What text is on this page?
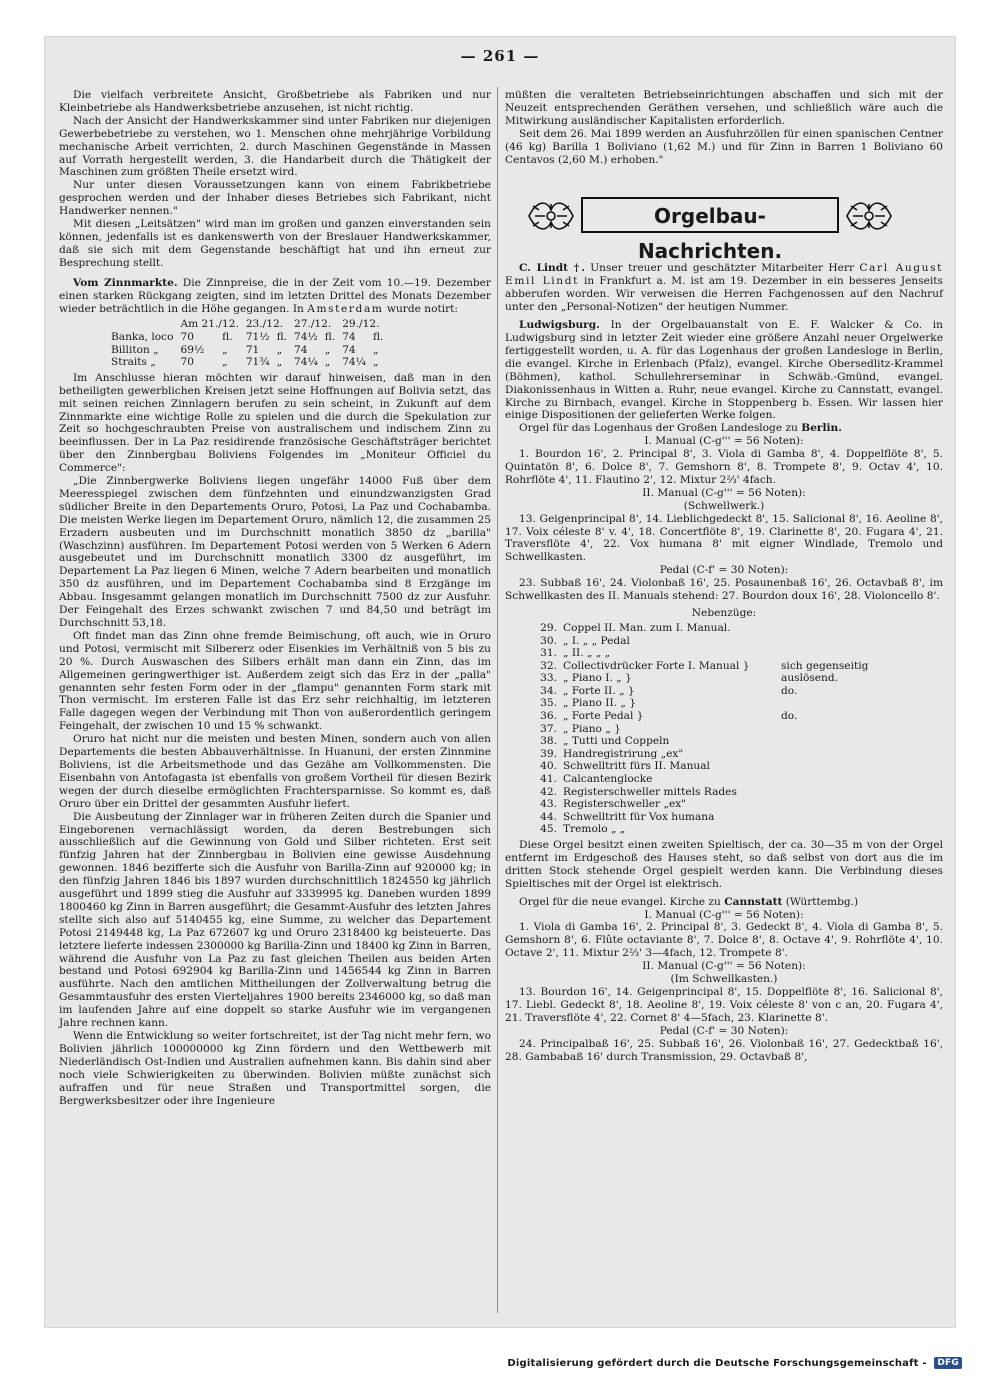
— 261 —

Die vielfach verbreitete Ansicht, Großbetriebe als Fabriken und nur Kleinbetriebe als Handwerksbetriebe anzusehen, ist nicht richtig.

Nach der Ansicht der Handwerkskammer sind unter Fabriken nur diejenigen Gewerbebetriebe zu verstehen, wo 1. Menschen ohne mehrjährige Vorbildung mechanische Arbeit verrichten, 2. durch Maschinen Gegenstände in Massen auf Vorrath hergestellt werden, 3. die Handarbeit durch die Thätigkeit der Maschinen zum größten Theile ersetzt wird.

Nur unter diesen Voraussetzungen kann von einem Fabrikbetriebe gesprochen werden und der Inhaber dieses Betriebes sich Fabrikant, nicht Handwerker nennen."

Mit diesen „Leitsätzen" wird man im großen und ganzen einverstanden sein können, jedenfalls ist es dankenswerth von der Breslauer Handwerkskammer, daß sie sich mit dem Gegenstande beschäftigt hat und ihn erneut zur Besprechung stellt.

Vom Zinnmarkte. Die Zinnpreise, die in der Zeit vom 10.—19. Dezember einen starken Rückgang zeigten, sind im letzten Drittel des Monats Dezember wieder beträchtlich in die Höhe gegangen. In Amsterdam wurde notirt:

	Am 21./12.		23./12.		27./12.		29./12.	
Banka, loco	70	fl.	71½	fl.	74½	fl.	74	fl.
Billiton „	69½	„	71	„	74	„	74	„
Straits „	70	„	71¾	„	74¼	„	74¼	„

Im Anschlusse hieran möchten wir darauf hinweisen, daß man in den betheiligten gewerblichen Kreisen jetzt seine Hoffnungen auf Bolivia setzt, das mit seinen reichen Zinnlagern berufen zu sein scheint, in Zukunft auf dem Zinnmarkte eine wichtige Rolle zu spielen und die durch die Spekulation zur Zeit so hochgeschraubten Preise von australischem und indischem Zinn zu beeinflussen. Der in La Paz residirende französische Geschäftsträger berichtet über den Zinnbergbau Boliviens Folgendes im „Moniteur Officiel du Commerce":

„Die Zinnbergwerke Boliviens liegen ungefähr 14000 Fuß über dem Meeresspiegel zwischen dem fünfzehnten und einundzwanzigsten Grad südlicher Breite in den Departements Oruro, Potosi, La Paz und Cochabamba. Die meisten Werke liegen im Departement Oruro, nämlich 12, die zusammen 25 Erzadern ausbeuten und im Durchschnitt monatlich 3850 dz „barilla" (Waschzinn) ausführen. Im Departement Potosi werden von 5 Werken 6 Adern ausgebeutet und im Durchschnitt monatlich 3300 dz ausgeführt, im Departement La Paz liegen 6 Minen, welche 7 Adern bearbeiten und monatlich 350 dz ausführen, und im Departement Cochabamba sind 8 Erzgänge im Abbau. Insgesammt gelangen monatlich im Durchschnitt 7500 dz zur Ausfuhr. Der Feingehalt des Erzes schwankt zwischen 7 und 84,50 und beträgt im Durchschnitt 53,18.

Oft findet man das Zinn ohne fremde Beimischung, oft auch, wie in Oruro und Potosi, vermischt mit Silbererz oder Eisenkies im Verhältniß von 5 bis zu 20 %. Durch Auswaschen des Silbers erhält man dann ein Zinn, das im Allgemeinen geringwerthiger ist. Außerdem zeigt sich das Erz in der „palla" genannten sehr festen Form oder in der „flampu" genannten Form stark mit Thon vermischt. Im ersteren Falle ist das Erz sehr reichhaltig, im letzteren Falle dagegen wegen der Verbindung mit Thon von außerordentlich geringem Feingehalt, der zwischen 10 und 15 % schwankt.

Oruro hat nicht nur die meisten und besten Minen, sondern auch von allen Departements die besten Abbauverhältnisse. In Huanuni, der ersten Zinnmine Boliviens, ist die Arbeitsmethode und das Gezähe am Vollkommensten. Die Eisenbahn von Antofagasta ist ebenfalls von großem Vortheil für diesen Bezirk wegen der durch dieselbe ermöglichten Frachtersparnisse. So kommt es, daß Oruro über ein Drittel der gesammten Ausfuhr liefert.

Die Ausbeutung der Zinnlager war in früheren Zeiten durch die Spanier und Eingeborenen vernachlässigt worden, da deren Bestrebungen sich ausschließlich auf die Gewinnung von Gold und Silber richteten. Erst seit fünfzig Jahren hat der Zinnbergbau in Bolivien eine gewisse Ausdehnung gewonnen. 1846 bezifferte sich die Ausfuhr von Barilla-Zinn auf 920000 kg; in den fünfzig Jahren 1846 bis 1897 wurden durchschnittlich 1824550 kg jährlich ausgeführt und 1899 stieg die Ausfuhr auf 3339995 kg. Daneben wurden 1899 1800460 kg Zinn in Barren ausgeführt; die Gesammt-Ausfuhr des letzten Jahres stellte sich also auf 5140455 kg, eine Summe, zu welcher das Departement Potosi 2149448 kg, La Paz 672607 kg und Oruro 2318400 kg beisteuerte. Das letztere lieferte indessen 2300000 kg Barilla-Zinn und 18400 kg Zinn in Barren, während die Ausfuhr von La Paz zu fast gleichen Theilen aus beiden Arten bestand und Potosi 692904 kg Barilla-Zinn und 1456544 kg Zinn in Barren ausführte. Nach den amtlichen Mittheilungen der Zollverwaltung betrug die Gesammtausfuhr des ersten Vierteljahres 1900 bereits 2346000 kg, so daß man im laufenden Jahre auf eine doppelt so starke Ausfuhr wie im vergangenen Jahre rechnen kann.

Wenn die Entwicklung so weiter fortschreitet, ist der Tag nicht mehr fern, wo Bolivien jährlich 100000000 kg Zinn fördern und den Wettbewerb mit Niederländisch Ost-Indien und Australien aufnehmen kann. Bis dahin sind aber noch viele Schwierigkeiten zu überwinden. Bolivien müßte zunächst sich aufraffen und für neue Straßen und Transportmittel sorgen, die Bergwerksbesitzer oder ihre Ingenieure

müßten die veralteten Betriebseinrichtungen abschaffen und sich mit der Neuzeit entsprechenden Geräthen versehen, und schließlich wäre auch die Mitwirkung ausländischer Kapitalisten erforderlich.

Seit dem 26. Mai 1899 werden an Ausfuhrzöllen für einen spanischen Centner (46 kg) Barilla 1 Boliviano (1,62 M.) und für Zinn in Barren 1 Boliviano 60 Centavos (2,60 M.) erhoben."

Orgelbau-Nachrichten.

C. Lindt †. Unser treuer und geschätzter Mitarbeiter Herr Carl August Emil Lindt in Frankfurt a. M. ist am 19. Dezember in ein besseres Jenseits abberufen worden. Wir verweisen die Herren Fachgenossen auf den Nachruf unter den „Personal-Notizen" der heutigen Nummer.

Ludwigsburg. In der Orgelbauanstalt von E. F. Walcker & Co. in Ludwigsburg sind in letzter Zeit wieder eine größere Anzahl neuer Orgelwerke fertiggestellt worden, u. A. für das Logenhaus der großen Landesloge in Berlin, die evangel. Kirche in Erlenbach (Pfalz), evangel. Kirche Obersedlitz-Krammel (Böhmen), kathol. Schullehrerseminar in Schwäb.-Gmünd, evangel. Diakonissenhaus in Witten a. Ruhr, neue evangel. Kirche zu Cannstatt, evangel. Kirche zu Birnbach, evangel. Kirche in Stoppenberg b. Essen. Wir lassen hier einige Dispositionen der gelieferten Werke folgen.

Orgel für das Logenhaus der Großen Landesloge zu Berlin.

I. Manual (C-g''' = 56 Noten):

1. Bourdon 16', 2. Principal 8', 3. Viola di Gamba 8', 4. Doppelflöte 8', 5. Quintatön 8', 6. Dolce 8', 7. Gemshorn 8', 8. Trompete 8', 9. Octav 4', 10. Rohrflöte 4', 11. Flautino 2', 12. Mixtur 2⅔' 4fach.

II. Manual (C-g''' = 56 Noten):

(Schwellwerk.)

13. Geigenprincipal 8', 14. Lieblichgedeckt 8', 15. Salicional 8', 16. Aeoline 8', 17. Voix céleste 8' v. 4', 18. Concertflöte 8', 19. Clarinette 8', 20. Fugara 4', 21. Traversflöte 4', 22. Vox humana 8' mit eigner Windlade, Tremolo und Schwellkasten.

Pedal (C-f' = 30 Noten):

23. Subbaß 16', 24. Violonbaß 16', 25. Posaunenbaß 16', 26. Octavbaß 8', im Schwellkasten des II. Manuals stehend: 27. Bourdon doux 16', 28. Violoncello 8'.

Nebenzüge:

29. Coppel II. Man. zum I. Manual.
30. „ I. „ „ Pedal
31. „ II. „ „ „
32. Collectivdrücker Forte I. Manual }	sich gegenseitig
33. „ Piano I. „ }	auslösend.
34. „ Forte II. „ }	do.
35. „ Piano II. „ }
36. „ Forte Pedal }	do.
37. „ Piano „ }
38. „ Tutti und Coppeln
39. Handregistrirung „ex"
40. Schwelltritt fürs II. Manual
41. Calcantenglocke
42. Registerschweller mittels Rades
43. Registerschweller „ex"
44. Schwelltritt für Vox humana
45. Tremolo „ „

Diese Orgel besitzt einen zweiten Spieltisch, der ca. 30—35 m von der Orgel entfernt im Erdgeschoß des Hauses steht, so daß selbst von dort aus die im dritten Stock stehende Orgel gespielt werden kann. Die Verbindung dieses Spieltisches mit der Orgel ist elektrisch.

Orgel für die neue evangel. Kirche zu Cannstatt (Württembg.)

I. Manual (C-g''' = 56 Noten):

1. Viola di Gamba 16', 2. Principal 8', 3. Gedeckt 8', 4. Viola di Gamba 8', 5. Gemshorn 8', 6. Flûte octaviante 8', 7. Dolce 8', 8. Octave 4', 9. Rohrflöte 4', 10. Octave 2', 11. Mixtur 2⅔' 3—4fach, 12. Trompete 8'.

II. Manual (C-g''' = 56 Noten):

(Im Schwellkasten.)

13. Bourdon 16', 14. Geigenprincipal 8', 15. Doppelflöte 8', 16. Salicional 8', 17. Liebl. Gedeckt 8', 18. Aeoline 8', 19. Voix céleste 8' von c an, 20. Fugara 4', 21. Traversflöte 4', 22. Cornet 8' 4—5fach, 23. Klarinette 8'.

Pedal (C-f' = 30 Noten):

24. Principalbaß 16', 25. Subbaß 16', 26. Violonbaß 16', 27. Gedecktbaß 16', 28. Gambabaß 16' durch Transmission, 29. Octavbaß 8',

Digitalisierung gefördert durch die Deutsche Forschungsgemeinschaft - DFG
